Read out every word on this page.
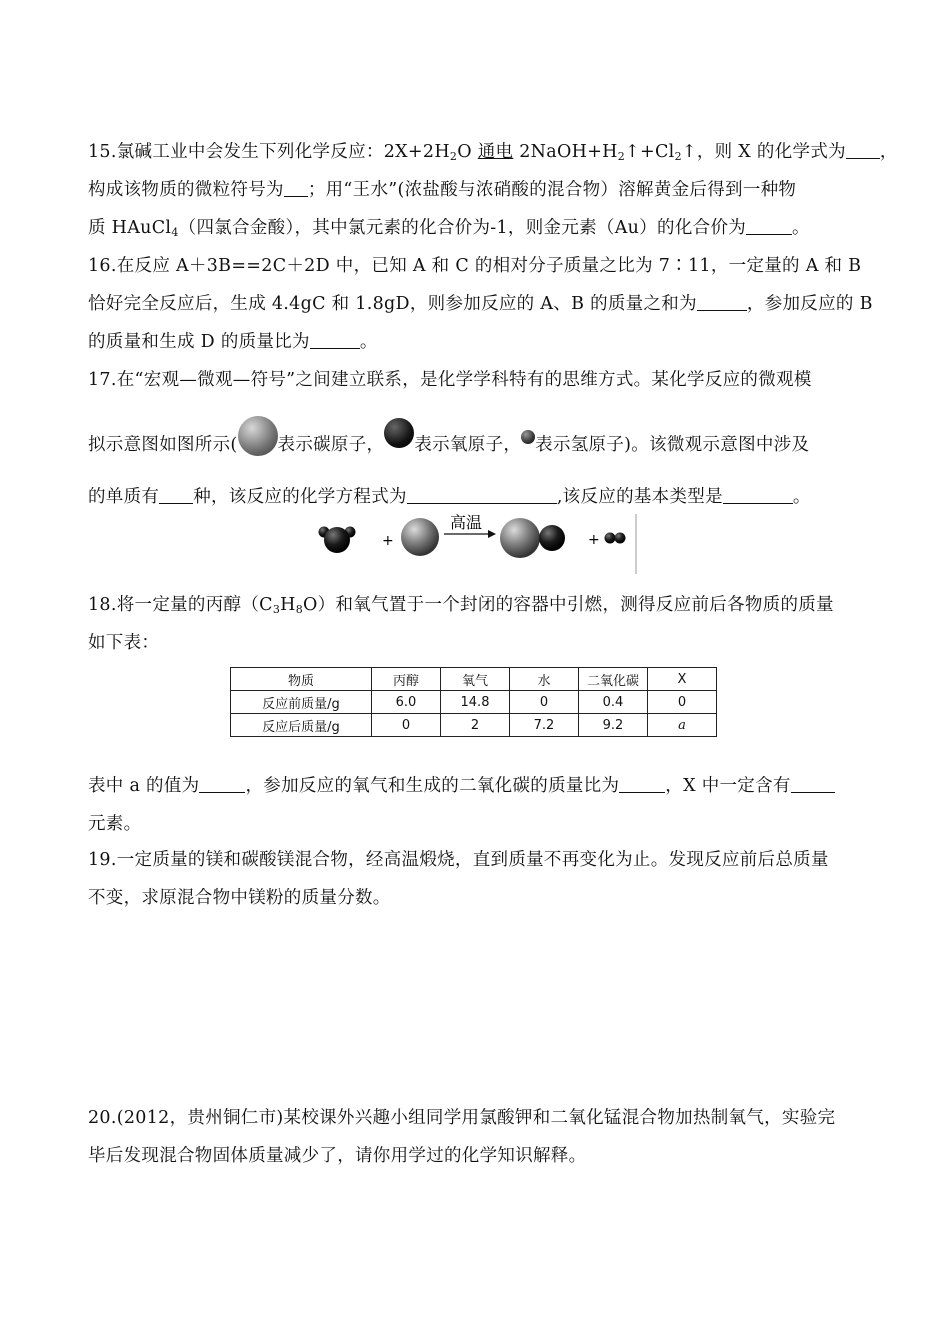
15.氯碱工业中会发生下列化学反应：$2X+2H_2O$ 通电 $2NaOH+H_2↑+Cl_2↑$，则 X 的化学式为 ，
构成该物质的微粒符号为 ；用“王水”(浓盐酸与浓硝酸的混合物）溶解黄金后得到一种物
质 HAuCl$_4$（四氯合金酸），其中氯元素的化合价为-1，则金元素（Au）的化合价为	。
16.在反应 A＋3B==2C＋2D 中，已知 A 和 C 的相对分子质量之比为 7∶11，一定量的 A 和 B
恰好完全反应后，生成 4.4gC 和 1.8gD，则参加反应的 A、B 的质量之和为	，参加反应的 B
的质量和生成 D 的质量比为	。
17.在“宏观—微观—符号”之间建立联系，是化学学科特有的思维方式。某化学反应的微观模
拟示意图如图所示( 表示碳原子， 表示氧原子， 表示氢原子)。该微观示意图中涉及
的单质有 种，该反应的化学方程式为	,该反应的基本类型是	。
+
高温
+
18.将一定量的丙醇$(C_3H_8O)$和氧气置于一个封闭的容器中引燃，测得反应前后各物质的质量
如下表：
物质	丙醇	氧气	水	二氧化碳	X
反应前质量/g	6.0	14.8	0	0.4	0
反应后质量/g	0	2	7.2	9.2	a
表中 a 的值为	，参加反应的氧气和生成的二氧化碳的质量比为	，X 中一定含有
元素。
19.一定质量的镁和碳酸镁混合物，经高温煅烧，直到质量不再变化为止。发现反应前后总质量
不变，求原混合物中镁粉的质量分数。
20.(2012，贵州铜仁市)某校课外兴趣小组同学用氯酸钾和二氧化锰混合物加热制氧气，实验完
毕后发现混合物固体质量减少了，请你用学过的化学知识解释。
